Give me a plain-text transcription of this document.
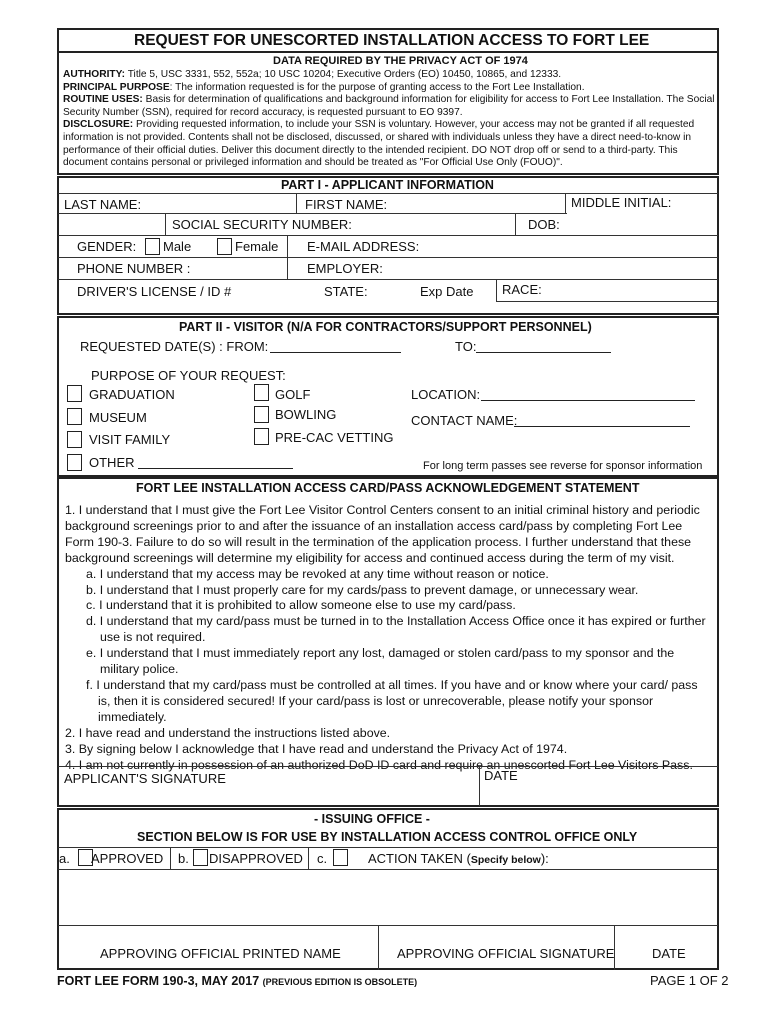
REQUEST FOR UNESCORTED INSTALLATION ACCESS TO FORT LEE
DATA REQUIRED BY THE PRIVACY ACT OF 1974

AUTHORITY: Title 5, USC 3331, 552, 552a; 10 USC 10204; Executive Orders (EO) 10450, 10865, and 12333.

PRINCIPAL PURPOSE: The information requested is for the purpose of granting access to the Fort Lee Installation.

ROUTINE USES: Basis for determination of qualifications and background information for eligibility for access to Fort Lee Installation. The Social Security Number (SSN), required for record accuracy, is requested pursuant to EO 9397.

DISCLOSURE: Providing requested information, to include your SSN is voluntary. However, your access may not be granted if all requested information is not provided. Contents shall not be disclosed, discussed, or shared with individuals unless they have a direct need-to-know in performance of their official duties. Deliver this document directly to the intended recipient. DO NOT drop off or send to a third-party. This document contains personal or privileged information and should be treated as "For Official Use Only (FOUO)".

PART I - APPLICANT INFORMATION
LAST NAME:	FIRST NAME:	MIDDLE INITIAL:
SOCIAL SECURITY NUMBER:	DOB:
GENDER: Male	Female E-MAIL ADDRESS:
PHONE NUMBER :	EMPLOYER:
DRIVER'S LICENSE / ID #	STATE:	Exp Date RACE:
PART II - VISITOR (N/A FOR CONTRACTORS/SUPPORT PERSONNEL)
REQUESTED DATE(S) : FROM:	TO:
PURPOSE OF YOUR REQUEST:
GRADUATION
MUSEUM
VISIT FAMILY
OTHER
GOLF
BOWLING
PRE-CAC VETTING
LOCATION:
CONTACT NAME:
For long term passes see reverse for sponsor information
FORT LEE INSTALLATION ACCESS CARD/PASS ACKNOWLEDGEMENT STATEMENT

1. I understand that I must give the Fort Lee Visitor Control Centers consent to an initial criminal history and periodic background screenings prior to and after the issuance of an installation access card/pass by completing Fort Lee Form 190-3. Failure to do so will result in the termination of the application process. I further understand that these background screenings will determine my eligibility for access and continued access during the term of my visit.

a. I understand that my access may be revoked at any time without reason or notice.

b. I understand that I must properly care for my cards/pass to prevent damage, or unnecessary wear.

c. I understand that it is prohibited to allow someone else to use my card/pass.

d. I understand that my card/pass must be turned in to the Installation Access Office once it has expired or further use is not required.

e. I understand that I must immediately report any lost, damaged or stolen card/pass to my sponsor and the military police.

f. I understand that my card/pass must be controlled at all times. If you have and or know where your card/ pass is, then it is considered secured! If your card/pass is lost or unrecoverable, please notify your sponsor immediately.

2. I have read and understand the instructions listed above.

3. By signing below I acknowledge that I have read and understand the Privacy Act of 1974.

4. I am not currently in possession of an authorized DoD ID card and require an unescorted Fort Lee Visitors Pass.

APPLICANT'S SIGNATURE	DATE
- ISSUING OFFICE -
SECTION BELOW IS FOR USE BY INSTALLATION ACCESS CONTROL OFFICE ONLY
a. APPROVED b. DISAPPROVED c.	ACTION TAKEN (Specify below):
APPROVING OFFICIAL PRINTED NAME	APPROVING OFFICIAL SIGNATURE	DATE
FORT LEE FORM 190-3, MAY 2017 (PREVIOUS EDITION IS OBSOLETE)	PAGE 1 OF 2
